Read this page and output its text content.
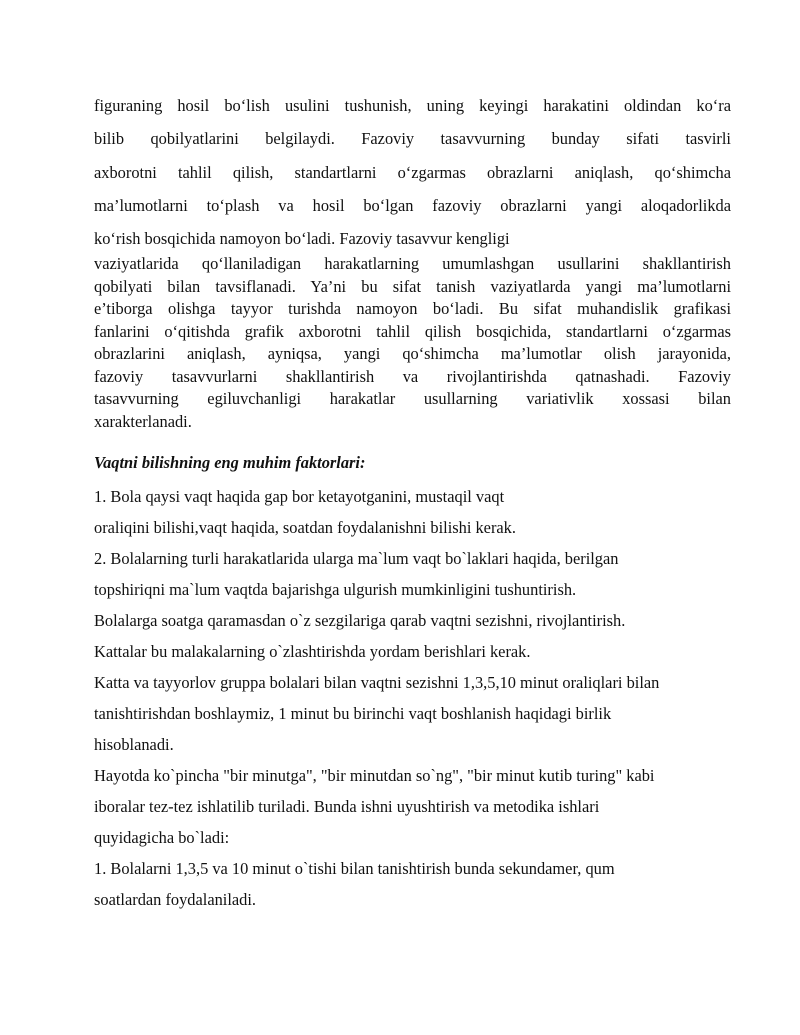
figuraning hosil bo‘lish usulini tushunish, uning keyingi harakatini oldindan ko‘ra
bilib qobilyatlarini belgilaydi. Fazoviy tasavvurning bunday sifati tasvirli
axborotni tahlil qilish, standartlarni o‘zgarmas obrazlarni aniqlash, qo‘shimcha
ma’lumotlarni to‘plash va hosil bo‘lgan fazoviy obrazlarni yangi aloqadorlikda
ko‘rish bosqichida namoyon bo‘ladi. Fazoviy tasavvur kengligi
vaziyatlarida qo‘llaniladigan harakatlarning umumlashgan usullarini shakllantirish
qobilyati bilan tavsiflanadi. Ya’ni bu sifat tanish vaziyatlarda yangi ma’lumotlarni
e’tiborga olishga tayyor turishda namoyon bo‘ladi. Bu sifat muhandislik grafikasi
fanlarini o‘qitishda grafik axborotni tahlil qilish bosqichida, standartlarni o‘zgarmas
obrazlarini aniqlash, ayniqsa, yangi qo‘shimcha ma’lumotlar olish jarayonida,
fazoviy tasavvurlarni shakllantirish va rivojlantirishda qatnashadi. Fazoviy
tasavvurning egiluvchanligi harakatlar usullarning variativlik xossasi bilan
xarakterlanadi.
Vaqtni bilishning eng muhim faktorlari:
1. Bola qaysi vaqt haqida gap bor ketayotganini, mustaqil vaqt
oraliqini bilishi,vaqt haqida, soatdan foydalanishni bilishi kerak.
2. Bolalarning turli harakatlarida ularga ma`lum vaqt bo`laklari haqida, berilgan
topshiriqni ma`lum vaqtda bajarishga ulgurish mumkinligini tushuntirish.
Bolalarga soatga qaramasdan o`z sezgilariga qarab vaqtni sezishni, rivojlantirish.
Kattalar bu malakalarning o`zlashtirishda yordam berishlari kerak.
Katta va tayyorlov gruppa bolalari bilan vaqtni sezishni 1,3,5,10 minut oraliqlari bilan
tanishtirishdan boshlaymiz, 1 minut bu birinchi vaqt boshlanish haqidagi birlik
hisoblanadi.
Hayotda ko`pincha "bir minutga", "bir minutdan so`ng", "bir minut kutib turing" kabi
iboralar tez-tez ishlatilib turiladi. Bunda ishni uyushtirish va metodika ishlari
quyidagicha bo`ladi:
1. Bolalarni 1,3,5 va 10 minut o`tishi bilan tanishtirish bunda sekundamer, qum
soatlardan foydalaniladi.
